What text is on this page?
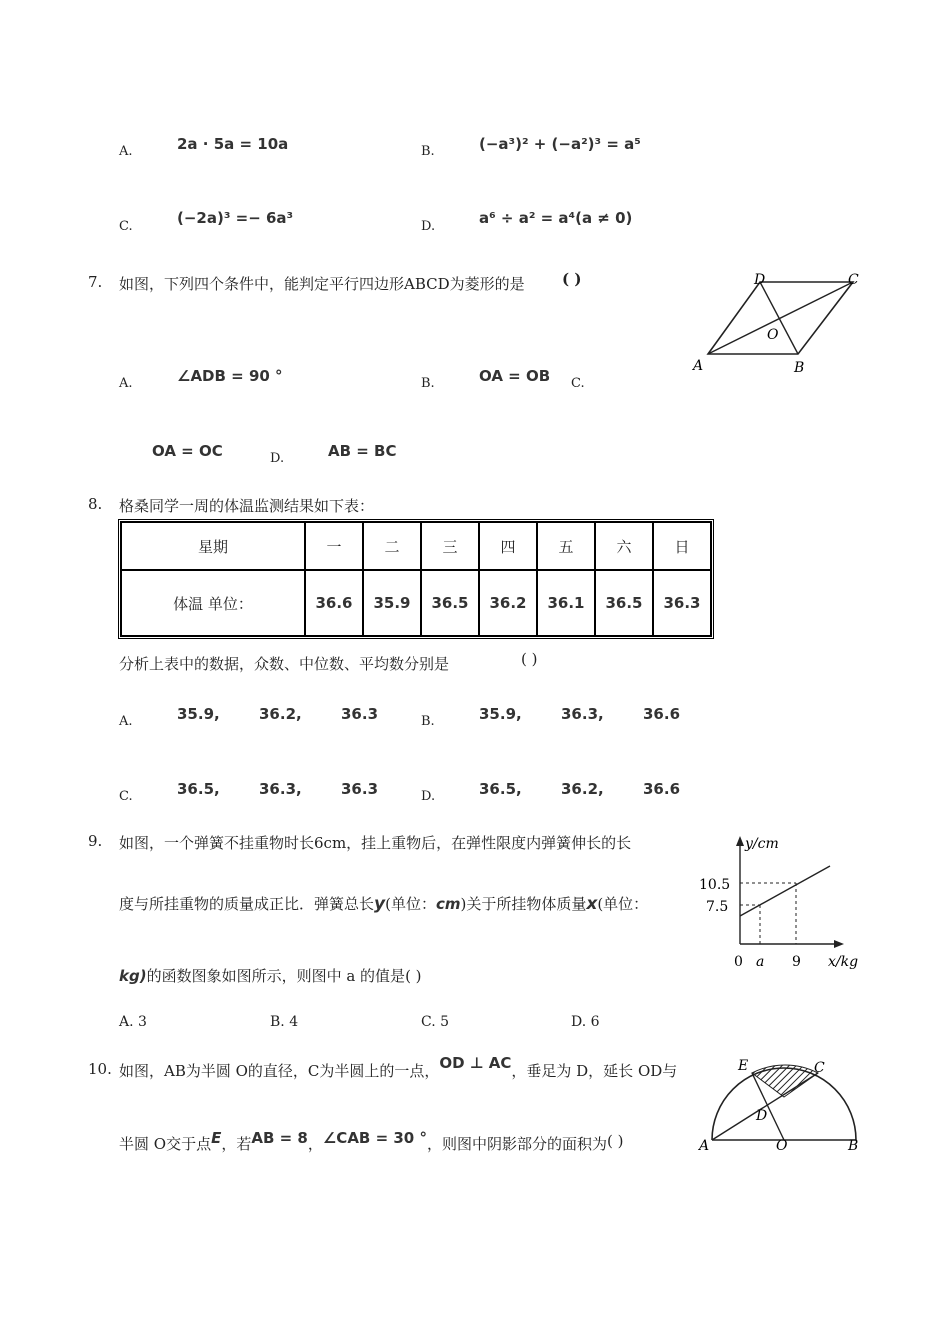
A.	2a · 5a = 10a	B.	(−a³)² + (−a²)³ = a⁵
C.	(−2a)³ =− 6a³	D.	a⁶ ÷ a² = a⁴(a ≠ 0)
7. 如图，下列四个条件中，能判定平行四边形ABCD为菱形的是 ( )
A	B
C
D
O
A.	∠ADB = 90 °	B.	OA = OB C.
OA = OC	D.	AB = BC
8. 格桑同学一周的体温监测结果如下表：
星期	一	二	三	四	五	六	日
体温 单位：	36.6	35.9	36.5	36.2	36.1	36.5	36.3
分析上表中的数据，众数、中位数、平均数分别是	( )
A.	35.9,	36.2,	36.3	B.	35.9,	36.3,	36.6
C.	36.5,	36.3,	36.3	D.	36.5,	36.2,	36.6
9. 如图，一个弹簧不挂重物时长6cm，挂上重物后，在弹性限度内弹簧伸长的长
度与所挂重物的质量成正比．弹簧总长y(单位：cm)关于所挂物体质量x(单位：
kg)的函数图象如图所示，则图中 a 的值是( )
A. 3	B. 4	C. 5	D. 6
y/cm
x/kg
10.5
7.5
0 a 9
10. 如图，AB为半圆 O的直径，C为半圆上的一点，OD ⊥ AC，垂足为 D，延长 OD与
半圆 O交于点E，若AB = 8，∠CAB = 30 °，则图中阴影部分的面积为( )	A	B
C
D
E
O
